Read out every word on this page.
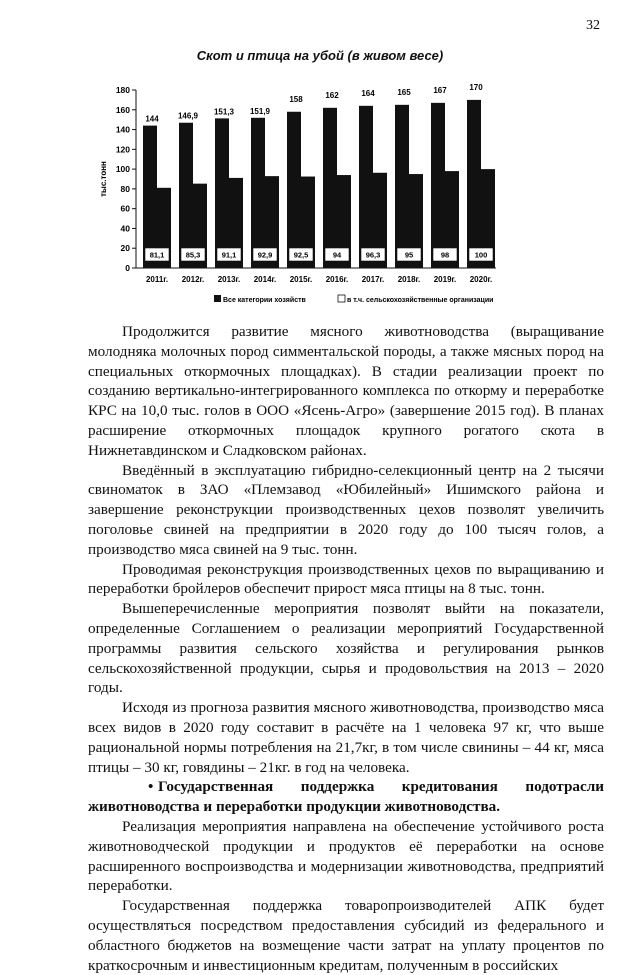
32
Скот и птица на убой (в живом весе)
тыс.тонн
0
20
40
60
80
100
120
140
160
180
144
81,1
2011г.
146,9
85,3
2012г.
151,3
91,1
2013г.
151,9
92,9
2014г.
158
92,5
2015г.
162
94
2016г.
164
96,3
2017г.
165
95
2018г.
167
98
2019г.
170
100
2020г.
Все категории хозяйств	в т.ч. сельскохозяйственные организации

Продолжится развитие мясного животноводства (выращивание молодняка молочных пород симментальской породы, а также мясных пород на специальных откормочных площадках). В стадии реализации проект по созданию вертикально-интегрированного комплекса по откорму и переработке КРС на 10,0 тыс. голов в ООО «Ясень-Агро» (завершение 2015 год). В планах расширение откормочных площадок крупного рогатого скота в Нижнетавдинском и Сладковском районах.

Введённый в эксплуатацию гибридно-селекционный центр на 2 тысячи свиноматок в ЗАО «Племзавод «Юбилейный» Ишимского района и завершение реконструкции производственных цехов позволят увеличить поголовье свиней на предприятии в 2020 году до 100 тысяч голов, а производство мяса свиней на 9 тыс. тонн.

Проводимая реконструкция производственных цехов по выращиванию и переработки бройлеров обеспечит прирост мяса птицы на 8 тыс. тонн.

Вышеперечисленные мероприятия позволят выйти на показатели, определенные Соглашением о реализации мероприятий Государственной программы развития сельского хозяйства и регулирования рынков сельскохозяйственной продукции, сырья и продовольствия на 2013 – 2020 годы.

Исходя из прогноза развития мясного животноводства, производство мяса всех видов в 2020 году составит в расчёте на 1 человека 97 кг, что выше рациональной нормы потребления на 21,7кг, в том числе свинины – 44 кг, мяса птицы – 30 кг, говядины – 21кг. в год на человека.

• Государственная поддержка кредитования подотрасли животноводства и переработки продукции животноводства.

Реализация мероприятия направлена на обеспечение устойчивого роста животноводческой продукции и продуктов её переработки на основе расширенного воспроизводства и модернизации животноводства, предприятий переработки.

Государственная поддержка товаропроизводителей АПК будет осуществляться посредством предоставления субсидий из федерального и областного бюджетов на возмещение части затрат на уплату процентов по краткосрочным и инвестиционным кредитам, полученным в российских
